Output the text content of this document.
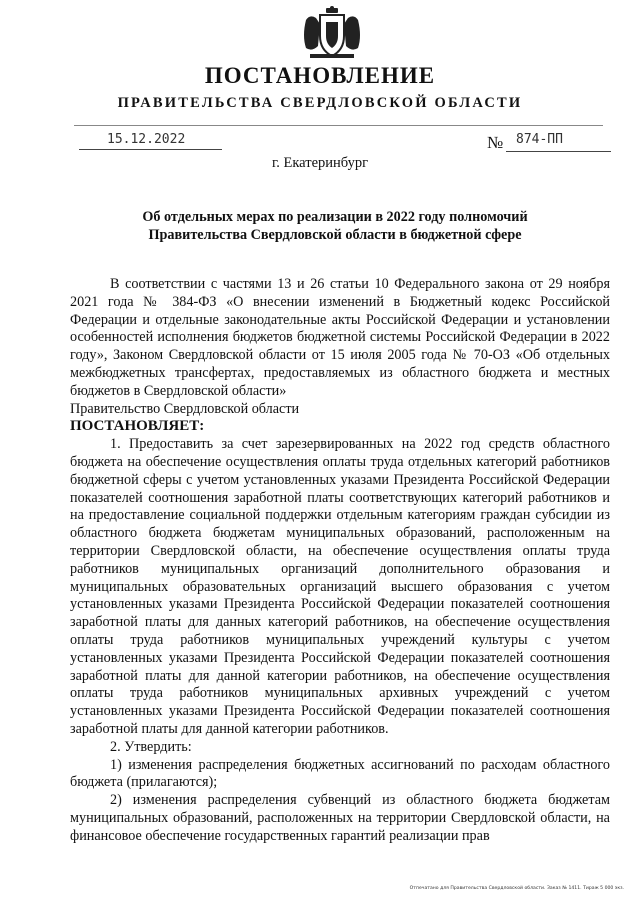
ПОСТАНОВЛЕНИЕ
ПРАВИТЕЛЬСТВА СВЕРДЛОВСКОЙ ОБЛАСТИ
15.12.2022	№ 874-ПП
г. Екатеринбург
Об отдельных мерах по реализации в 2022 году полномочий
Правительства Свердловской области в бюджетной сфере

В соответствии с частями 13 и 26 статьи 10 Федерального закона от 29 ноября 2021 года № 384-ФЗ «О внесении изменений в Бюджетный кодекс Российской Федерации и отдельные законодательные акты Российской Федерации и установлении особенностей исполнения бюджетов бюджетной системы Российской Федерации в 2022 году», Законом Свердловской области от 15 июля 2005 года № 70-ОЗ «Об отдельных межбюджетных трансфертах, предоставляемых из областного бюджета и местных бюджетов в Свердловской области»

Правительство Свердловской области

ПОСТАНОВЛЯЕТ:

1. Предоставить за счет зарезервированных на 2022 год средств областного бюджета на обеспечение осуществления оплаты труда отдельных категорий работников бюджетной сферы с учетом установленных указами Президента Российской Федерации показателей соотношения заработной платы соответствующих категорий работников и на предоставление социальной поддержки отдельным категориям граждан субсидии из областного бюджета бюджетам муниципальных образований, расположенным на территории Свердловской области, на обеспечение осуществления оплаты труда работников муниципальных организаций дополнительного образования и муниципальных образовательных организаций высшего образования с учетом установленных указами Президента Российской Федерации показателей соотношения заработной платы для данных категорий работников, на обеспечение осуществления оплаты труда работников муниципальных учреждений культуры с учетом установленных указами Президента Российской Федерации показателей соотношения заработной платы для данной категории работников, на обеспечение осуществления оплаты труда работников муниципальных архивных учреждений с учетом установленных указами Президента Российской Федерации показателей соотношения заработной платы для данной категории работников.

2. Утвердить:

1) изменения распределения бюджетных ассигнований по расходам областного бюджета (прилагаются);

2) изменения распределения субвенций из областного бюджета бюджетам муниципальных образований, расположенных на территории Свердловской области, на финансовое обеспечение государственных гарантий реализации прав

Отпечатано для Правительства Свердловской области. Заказ № 1411. Тираж 5 000 экз.
